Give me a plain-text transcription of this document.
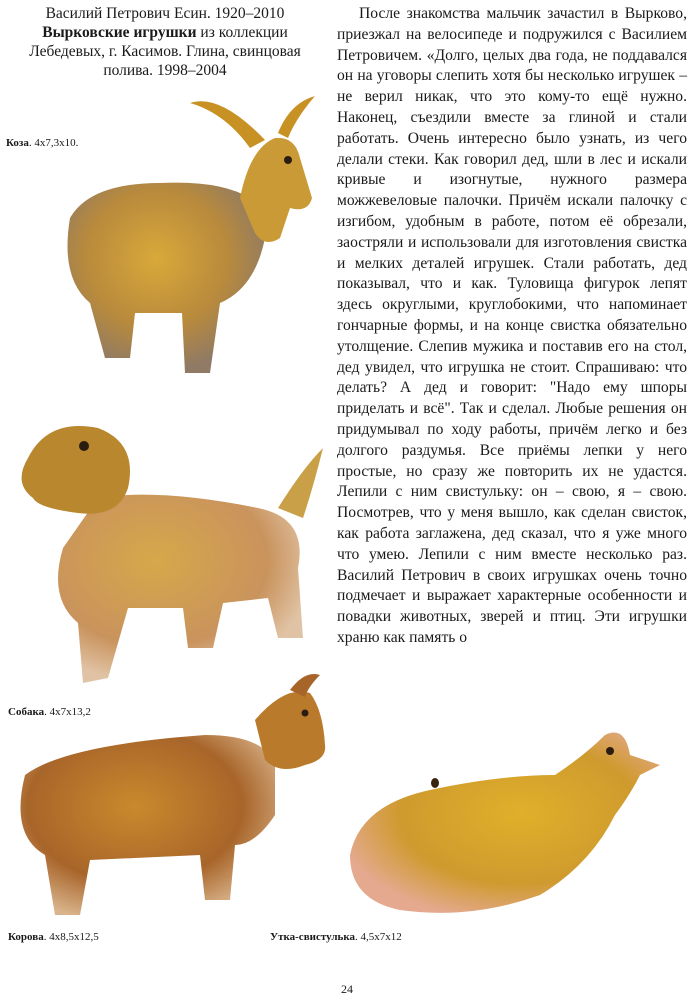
Василий Петрович Есин. 1920–2010
Вырковские игрушки из коллекции Лебедевых, г. Касимов. Глина, свинцовая полива. 1998–2004
После знакомства мальчик зачастил в Вырково, приезжал на велосипеде и подружился с Василием Петровичем. «Долго, целых два года, не поддавался он на уговоры слепить хотя бы несколько игрушек – не верил никак, что это кому-то ещё нужно. Наконец, съездили вместе за глиной и стали работать. Очень интересно было узнать, из чего делали стеки. Как говорил дед, шли в лес и искали кривые и изогнутые, нужного размера можжевеловые палочки. Причём искали палочку с изгибом, удобным в работе, потом её обрезали, заостряли и использовали для изготовления свистка и мелких деталей игрушек. Стали работать, дед показывал, что и как. Туловища фигурок лепят здесь округлыми, круглобокими, что напоминает гончарные формы, и на конце свистка обязательно утолщение. Слепив мужика и поставив его на стол, дед увидел, что игрушка не стоит. Спрашиваю: что делать? А дед и говорит: "Надо ему шпоры приделать и всё". Так и сделал. Любые решения он придумывал по ходу работы, причём легко и без долгого раздумья. Все приёмы лепки у него простые, но сразу же повторить их не удастся. Лепили с ним свистульку: он – свою, я – свою. Посмотрев, что у меня вышло, как сделан свисток, как работа заглажена, дед сказал, что я уже много что умею. Лепили с ним вместе несколько раз. Василий Петрович в своих игрушках очень точно подмечает и выражает характерные особенности и повадки животных, зверей и птиц. Эти игрушки храню как память о
Коза. 4x7,3x10.
Собака. 4x7x13,2
Корова. 4x8,5x12,5	Утка-свистулька. 4,5x7x12
24
